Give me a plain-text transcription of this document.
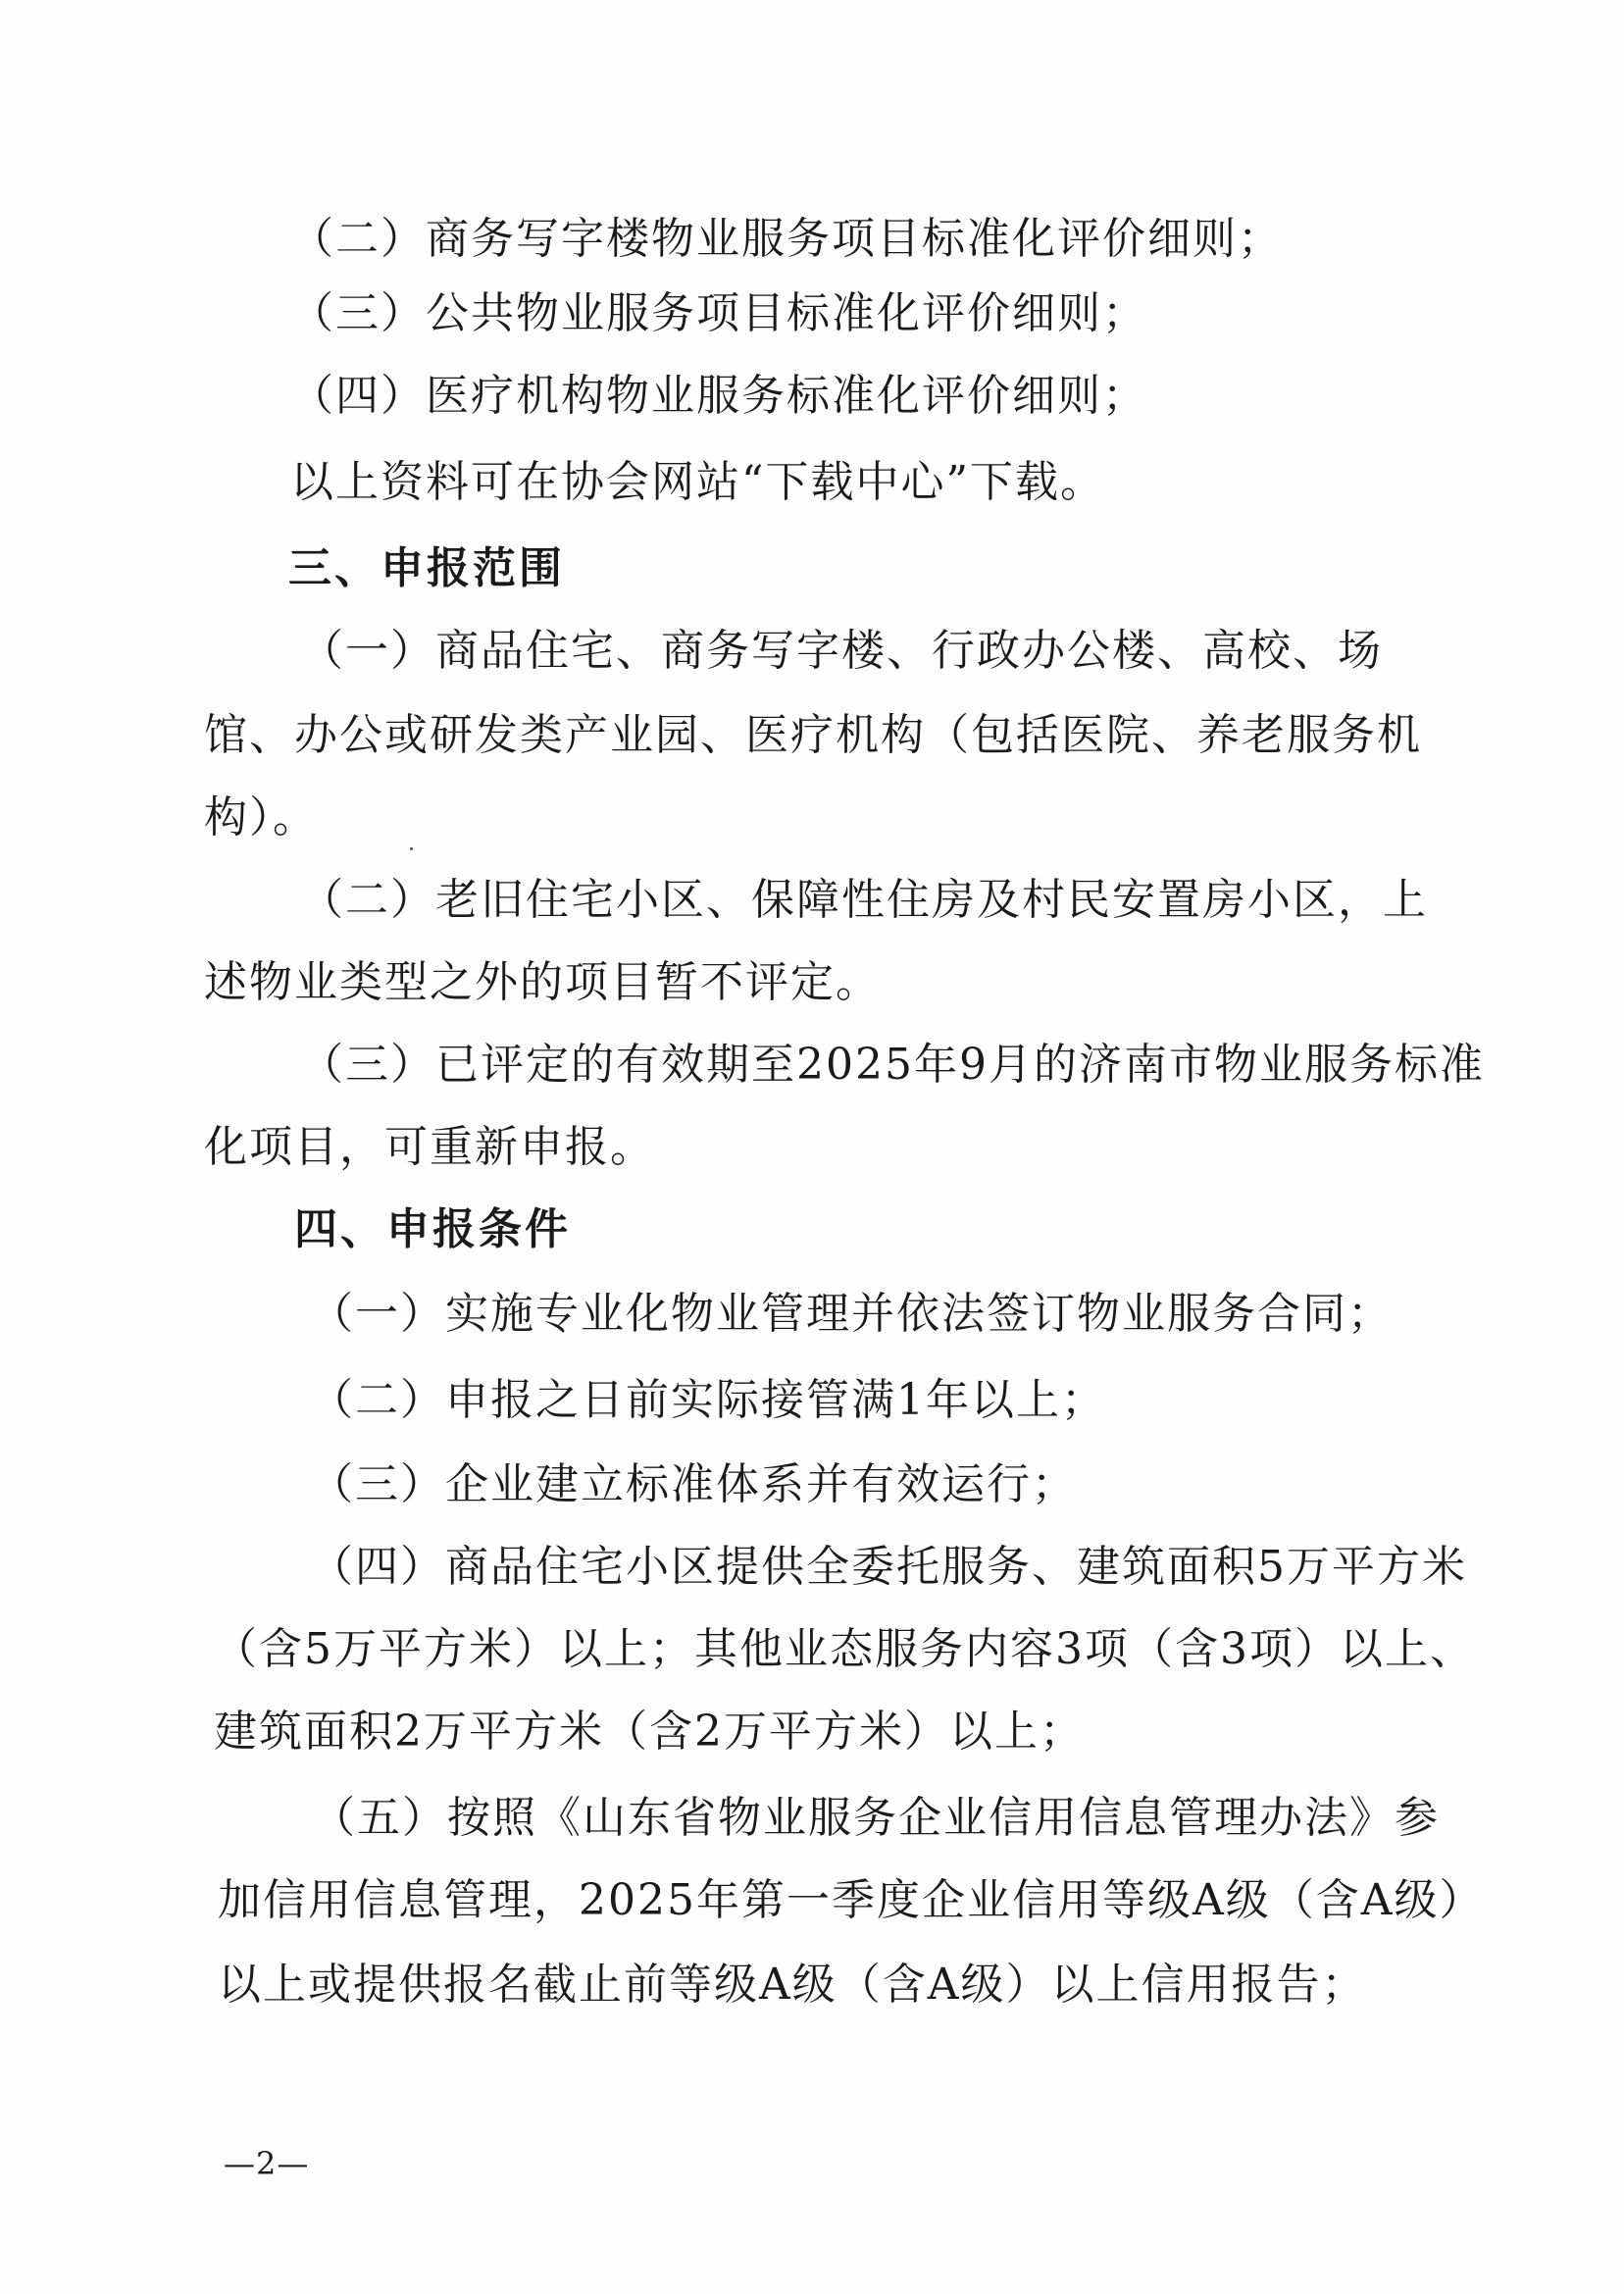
（二）商务写字楼物业服务项目标准化评价细则；
（三）公共物业服务项目标准化评价细则；
（四）医疗机构物业服务标准化评价细则；
以上资料可在协会网站“下载中心”下载。
三、申报范围
（一）商品住宅、商务写字楼、行政办公楼、高校、场
馆、办公或研发类产业园、医疗机构（包括医院、养老服务机
构）。
（二）老旧住宅小区、保障性住房及村民安置房小区，上
述物业类型之外的项目暂不评定。
（三）已评定的有效期至2025年9月的济南市物业服务标准
化项目，可重新申报。
四、申报条件
（一）实施专业化物业管理并依法签订物业服务合同；
（二）申报之日前实际接管满1年以上；
（三）企业建立标准体系并有效运行；
（四）商品住宅小区提供全委托服务、建筑面积5万平方米
（含5万平方米）以上；其他业态服务内容3项（含3项）以上、
建筑面积2万平方米（含2万平方米）以上；
（五）按照《山东省物业服务企业信用信息管理办法》参
加信用信息管理，2025年第一季度企业信用等级A级（含A级）
以上或提供报名截止前等级A级（含A级）以上信用报告；
—2—
